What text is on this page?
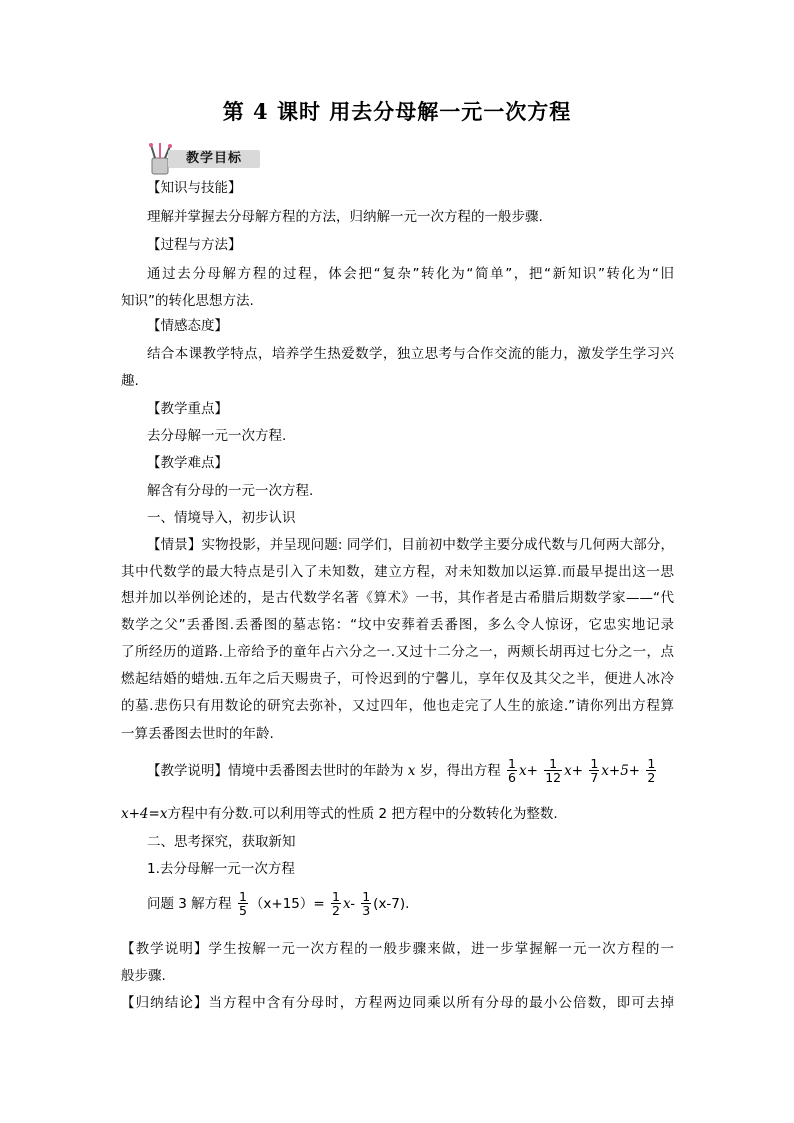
第 4 课时 用去分母解一元一次方程
教学目标
【知识与技能】
理解并掌握去分母解方程的方法，归纳解一元一次方程的一般步骤.
【过程与方法】
通过去分母解方程的过程，体会把“复杂”转化为“简单”，把“新知识”转化为“旧
知识”的转化思想方法.
【情感态度】
结合本课教学特点，培养学生热爱数学，独立思考与合作交流的能力，激发学生学习兴
趣.
【教学重点】
去分母解一元一次方程.
【教学难点】
解含有分母的一元一次方程.
一、情境导入，初步认识
【情景】实物投影，并呈现问题: 同学们，目前初中数学主要分成代数与几何两大部分，
其中代数学的最大特点是引入了未知数，建立方程，对未知数加以运算.而最早提出这一思
想并加以举例论述的，是古代数学名著《算术》一书，其作者是古希腊后期数学家——“代
数学之父”丢番图.丢番图的墓志铭：“坟中安葬着丢番图，多么令人惊讶，它忠实地记录
了所经历的道路.上帝给予的童年占六分之一.又过十二分之一，两颊长胡再过七分之一，点
燃起结婚的蜡烛.五年之后天赐贵子，可怜迟到的宁馨儿，享年仅及其父之半，便进人冰冷
的墓.悲伤只有用数论的研究去弥补，又过四年，他也走完了人生的旅途.”请你列出方程算
一算丢番图去世时的年龄.
【教学说明】情境中丢番图去世时的年龄为 x 岁，得出方程 $\frac{1}{6} x+ \frac{1}{12} x+ \frac{1}{7} x+5+ \frac{1}{2}$
x+4=x方程中有分数.可以利用等式的性质 2 把方程中的分数转化为整数.
二、思考探究，获取新知
1.去分母解一元一次方程
问题 3 解方程 $\frac{1}{5} (x+15)= \frac{1}{2} x- \frac{1}{3} (x-7)$.
【教学说明】学生按解一元一次方程的一般步骤来做，进一步掌握解一元一次方程的一
般步骤.
【归纳结论】当方程中含有分母时，方程两边同乘以所有分母的最小公倍数，即可去掉
